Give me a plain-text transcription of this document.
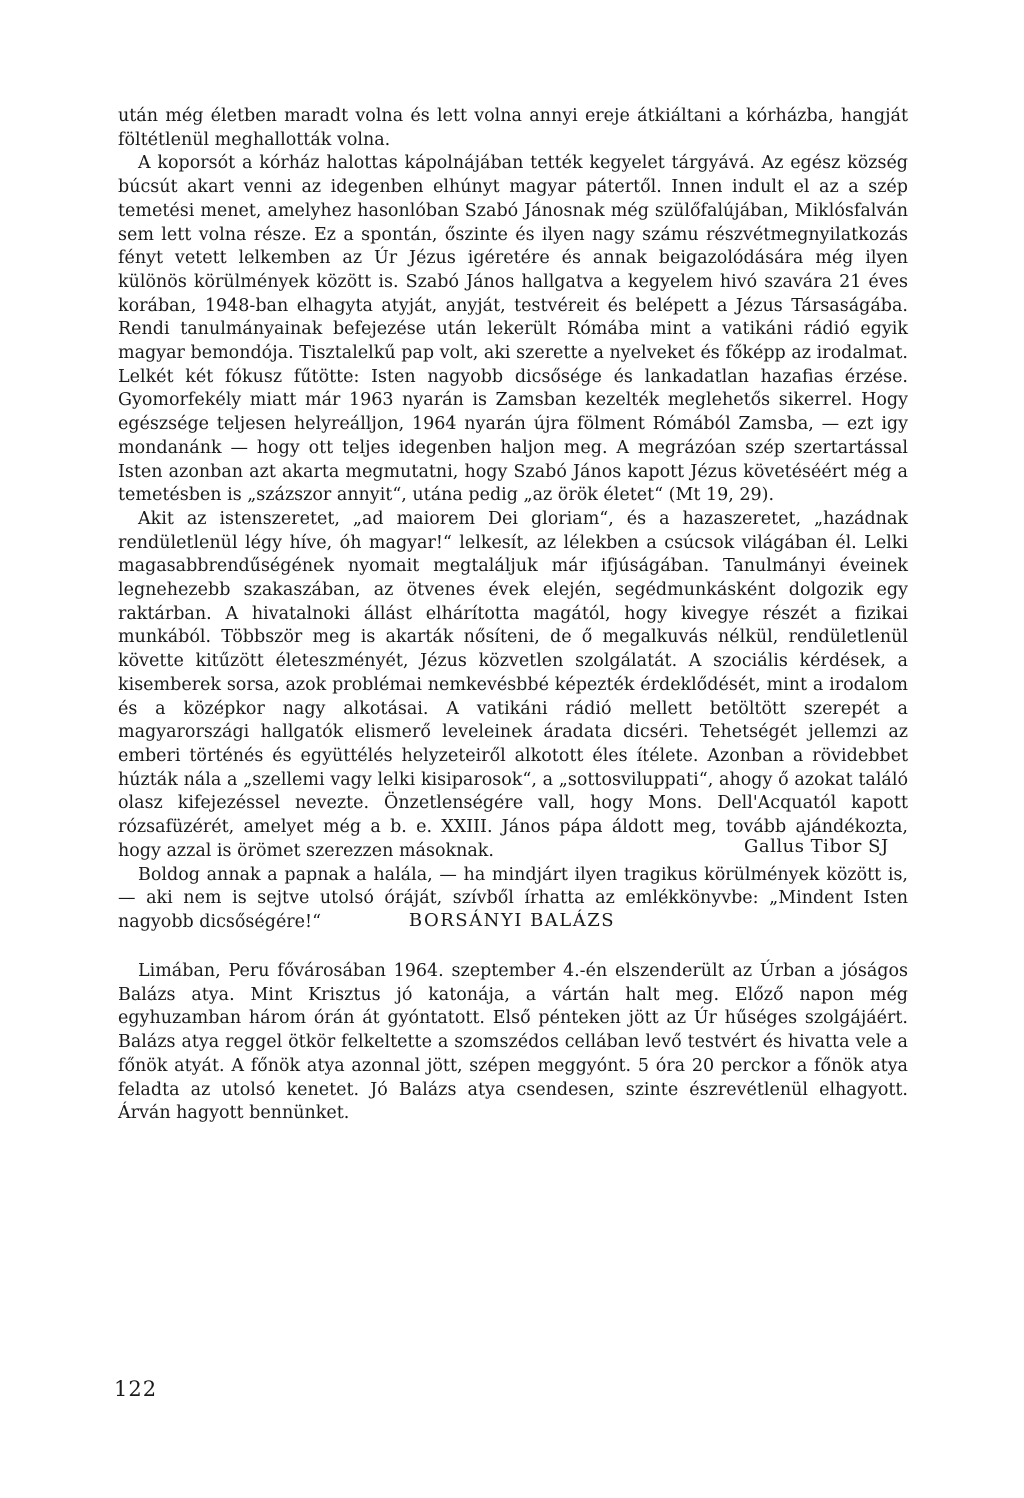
után még életben maradt volna és lett volna annyi ereje átkiáltani a kórházba, hangját föltétlenül meghallották volna.

A koporsót a kórház halottas kápolnájában tették kegyelet tárgyává. Az egész község búcsút akart venni az idegenben elhúnyt magyar pátertől. Innen indult el az a szép temetési menet, amelyhez hasonlóban Szabó Jánosnak még szülőfalújában, Miklósfalván sem lett volna része. Ez a spontán, őszinte és ilyen nagy számu részvétmegnyilatkozás fényt vetett lelkemben az Úr Jézus igéretére és annak beigazolódására még ilyen különös körülmények között is. Szabó János hallgatva a kegyelem hivó szavára 21 éves korában, 1948-ban elhagyta atyját, anyját, testvéreit és belépett a Jézus Társaságába. Rendi tanulmányainak befejezése után lekerült Rómába mint a vatikáni rádió egyik magyar bemondója. Tisztalelkű pap volt, aki szerette a nyelveket és főképp az irodalmat. Lelkét két fókusz fűtötte: Isten nagyobb dicsősége és lankadatlan hazafias érzése. Gyomorfekély miatt már 1963 nyarán is Zamsban kezelték meglehetős sikerrel. Hogy egészsége teljesen helyreálljon, 1964 nyarán újra fölment Rómából Zamsba, — ezt igy mondanánk — hogy ott teljes idegenben haljon meg. A megrázóan szép szertartással Isten azonban azt akarta megmutatni, hogy Szabó János kapott Jézus követéséért még a temetésben is „százszor annyit“, utána pedig „az örök életet“ (Mt 19, 29).

Akit az istenszeretet, „ad maiorem Dei gloriam“, és a hazaszeretet, „hazádnak rendületlenül légy híve, óh magyar!“ lelkesít, az lélekben a csúcsok világában él. Lelki magasabbrendűségének nyomait megtaláljuk már ifjúságában. Tanulmányi éveinek legnehezebb szakaszában, az ötvenes évek elején, segédmunkásként dolgozik egy raktárban. A hivatalnoki állást elhárította magától, hogy kivegye részét a fizikai munkából. Többször meg is akarták nősíteni, de ő megalkuvás nélkül, rendületlenül követte kitűzött életeszményét, Jézus közvetlen szolgálatát. A szociális kérdések, a kisemberek sorsa, azok problémai nemkevésbbé képezték érdeklődését, mint a irodalom és a középkor nagy alkotásai. A vatikáni rádió mellett betöltött szerepét a magyarországi hallgatók elismerő leveleinek áradata dicséri. Tehetségét jellemzi az emberi történés és együttélés helyzeteiről alkotott éles ítélete. Azonban a rövidebbet húzták nála a „szellemi vagy lelki kisiparosok“, a „sottosviluppati“, ahogy ő azokat találó olasz kifejezéssel nevezte. Önzetlenségére vall, hogy Mons. Dell'Acquatól kapott rózsafüzérét, amelyet még a b. e. XXIII. János pápa áldott meg, tovább ajándékozta, hogy azzal is örömet szerezzen másoknak.

Boldog annak a papnak a halála, — ha mindjárt ilyen tragikus körülmények között is, — aki nem is sejtve utolsó óráját, szívből írhatta az emlékkönyvbe: „Mindent Isten nagyobb dicsőségére!“

Gallus Tibor SJ
BORSÁNYI BALÁZS

Limában, Peru fővárosában 1964. szeptember 4.-én elszenderült az Úrban a jóságos Balázs atya. Mint Krisztus jó katonája, a vártán halt meg. Előző napon még egyhuzamban három órán át gyóntatott. Első pénteken jött az Úr hűséges szolgájáért. Balázs atya reggel ötkör felkeltette a szomszédos cellában levő testvért és hivatta vele a főnök atyát. A főnök atya azonnal jött, szépen meggyónt. 5 óra 20 perckor a főnök atya feladta az utolsó kenetet. Jó Balázs atya csendesen, szinte észrevétlenül elhagyott. Árván hagyott bennünket.

122
